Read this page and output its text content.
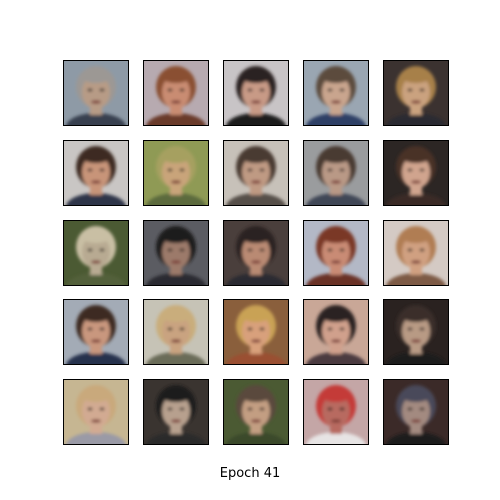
Epoch 41
